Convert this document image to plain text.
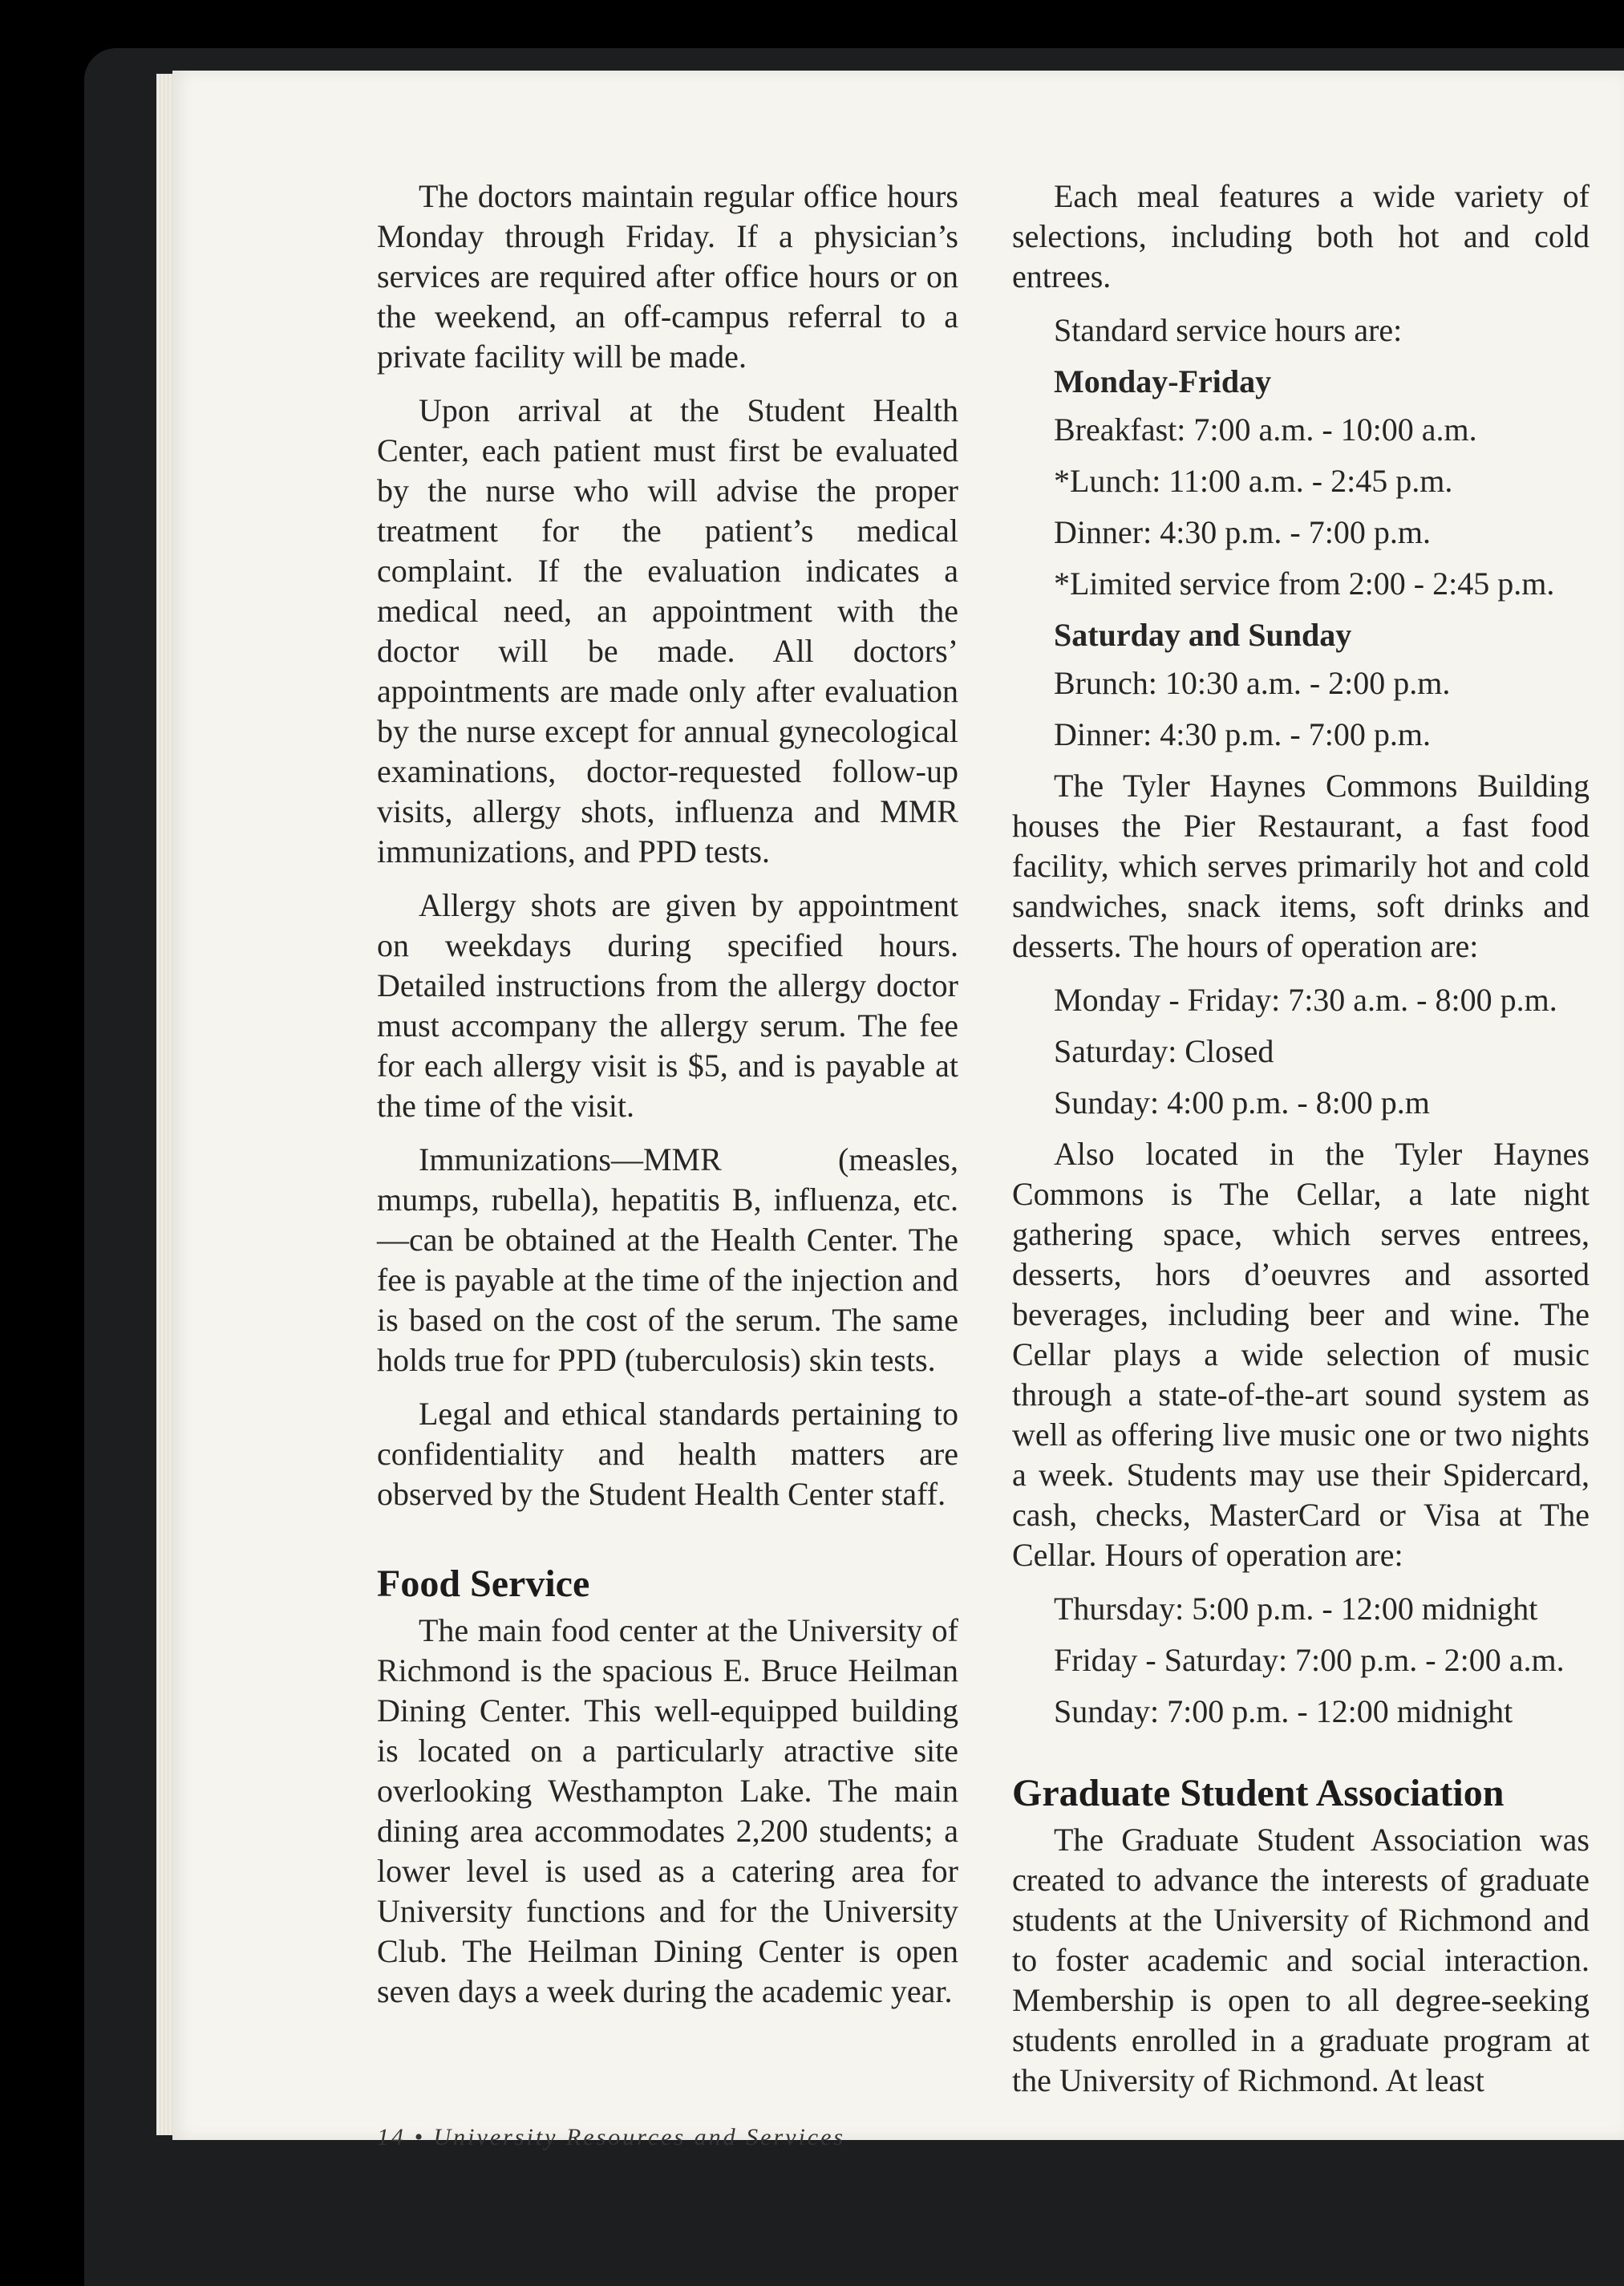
The doctors maintain regular office hours Monday through Friday. If a physician’s services are required after office hours or on the weekend, an off-campus referral to a private facility will be made.

Upon arrival at the Student Health Center, each patient must first be evaluated by the nurse who will advise the proper treatment for the patient’s medical complaint. If the evaluation indicates a medical need, an appointment with the doctor will be made. All doctors’ appointments are made only after evaluation by the nurse except for annual gynecological examinations, doctor-requested follow-up visits, allergy shots, influenza and MMR immunizations, and PPD tests.

Allergy shots are given by appointment on weekdays during specified hours. Detailed instructions from the allergy doctor must accompany the allergy serum. The fee for each allergy visit is $5, and is payable at the time of the visit.

Immunizations—MMR (measles, mumps, rubella), hepatitis B, influenza, etc.—can be obtained at the Health Center. The fee is payable at the time of the injection and is based on the cost of the serum. The same holds true for PPD (tuberculosis) skin tests.

Legal and ethical standards pertaining to confidentiality and health matters are observed by the Student Health Center staff.

Food Service

The main food center at the University of Richmond is the spacious E. Bruce Heilman Dining Center. This well-equipped building is located on a particularly atractive site overlooking Westhampton Lake. The main dining area accommodates 2,200 students; a lower level is used as a catering area for University functions and for the University Club. The Heilman Dining Center is open seven days a week during the academic year.

Each meal features a wide variety of selections, including both hot and cold entrees.

Standard service hours are:
Monday-Friday
Breakfast: 7:00 a.m. - 10:00 a.m.
*Lunch: 11:00 a.m. - 2:45 p.m.
Dinner: 4:30 p.m. - 7:00 p.m.
*Limited service from 2:00 - 2:45 p.m.
Saturday and Sunday
Brunch: 10:30 a.m. - 2:00 p.m.
Dinner: 4:30 p.m. - 7:00 p.m.

The Tyler Haynes Commons Building houses the Pier Restaurant, a fast food facility, which serves primarily hot and cold sandwiches, snack items, soft drinks and desserts. The hours of operation are:

Monday - Friday: 7:30 a.m. - 8:00 p.m.
Saturday: Closed
Sunday: 4:00 p.m. - 8:00 p.m

Also located in the Tyler Haynes Commons is The Cellar, a late night gathering space, which serves entrees, desserts, hors d’oeuvres and assorted beverages, including beer and wine. The Cellar plays a wide selection of music through a state-of-the-art sound system as well as offering live music one or two nights a week. Students may use their Spidercard, cash, checks, MasterCard or Visa at The Cellar. Hours of operation are:

Thursday: 5:00 p.m. - 12:00 midnight
Friday - Saturday: 7:00 p.m. - 2:00 a.m.
Sunday: 7:00 p.m. - 12:00 midnight
Graduate Student Association

The Graduate Student Association was created to advance the interests of graduate students at the University of Richmond and to foster academic and social interaction. Membership is open to all degree-seeking students enrolled in a graduate program at the University of Richmond. At least

14 • University Resources and Services
